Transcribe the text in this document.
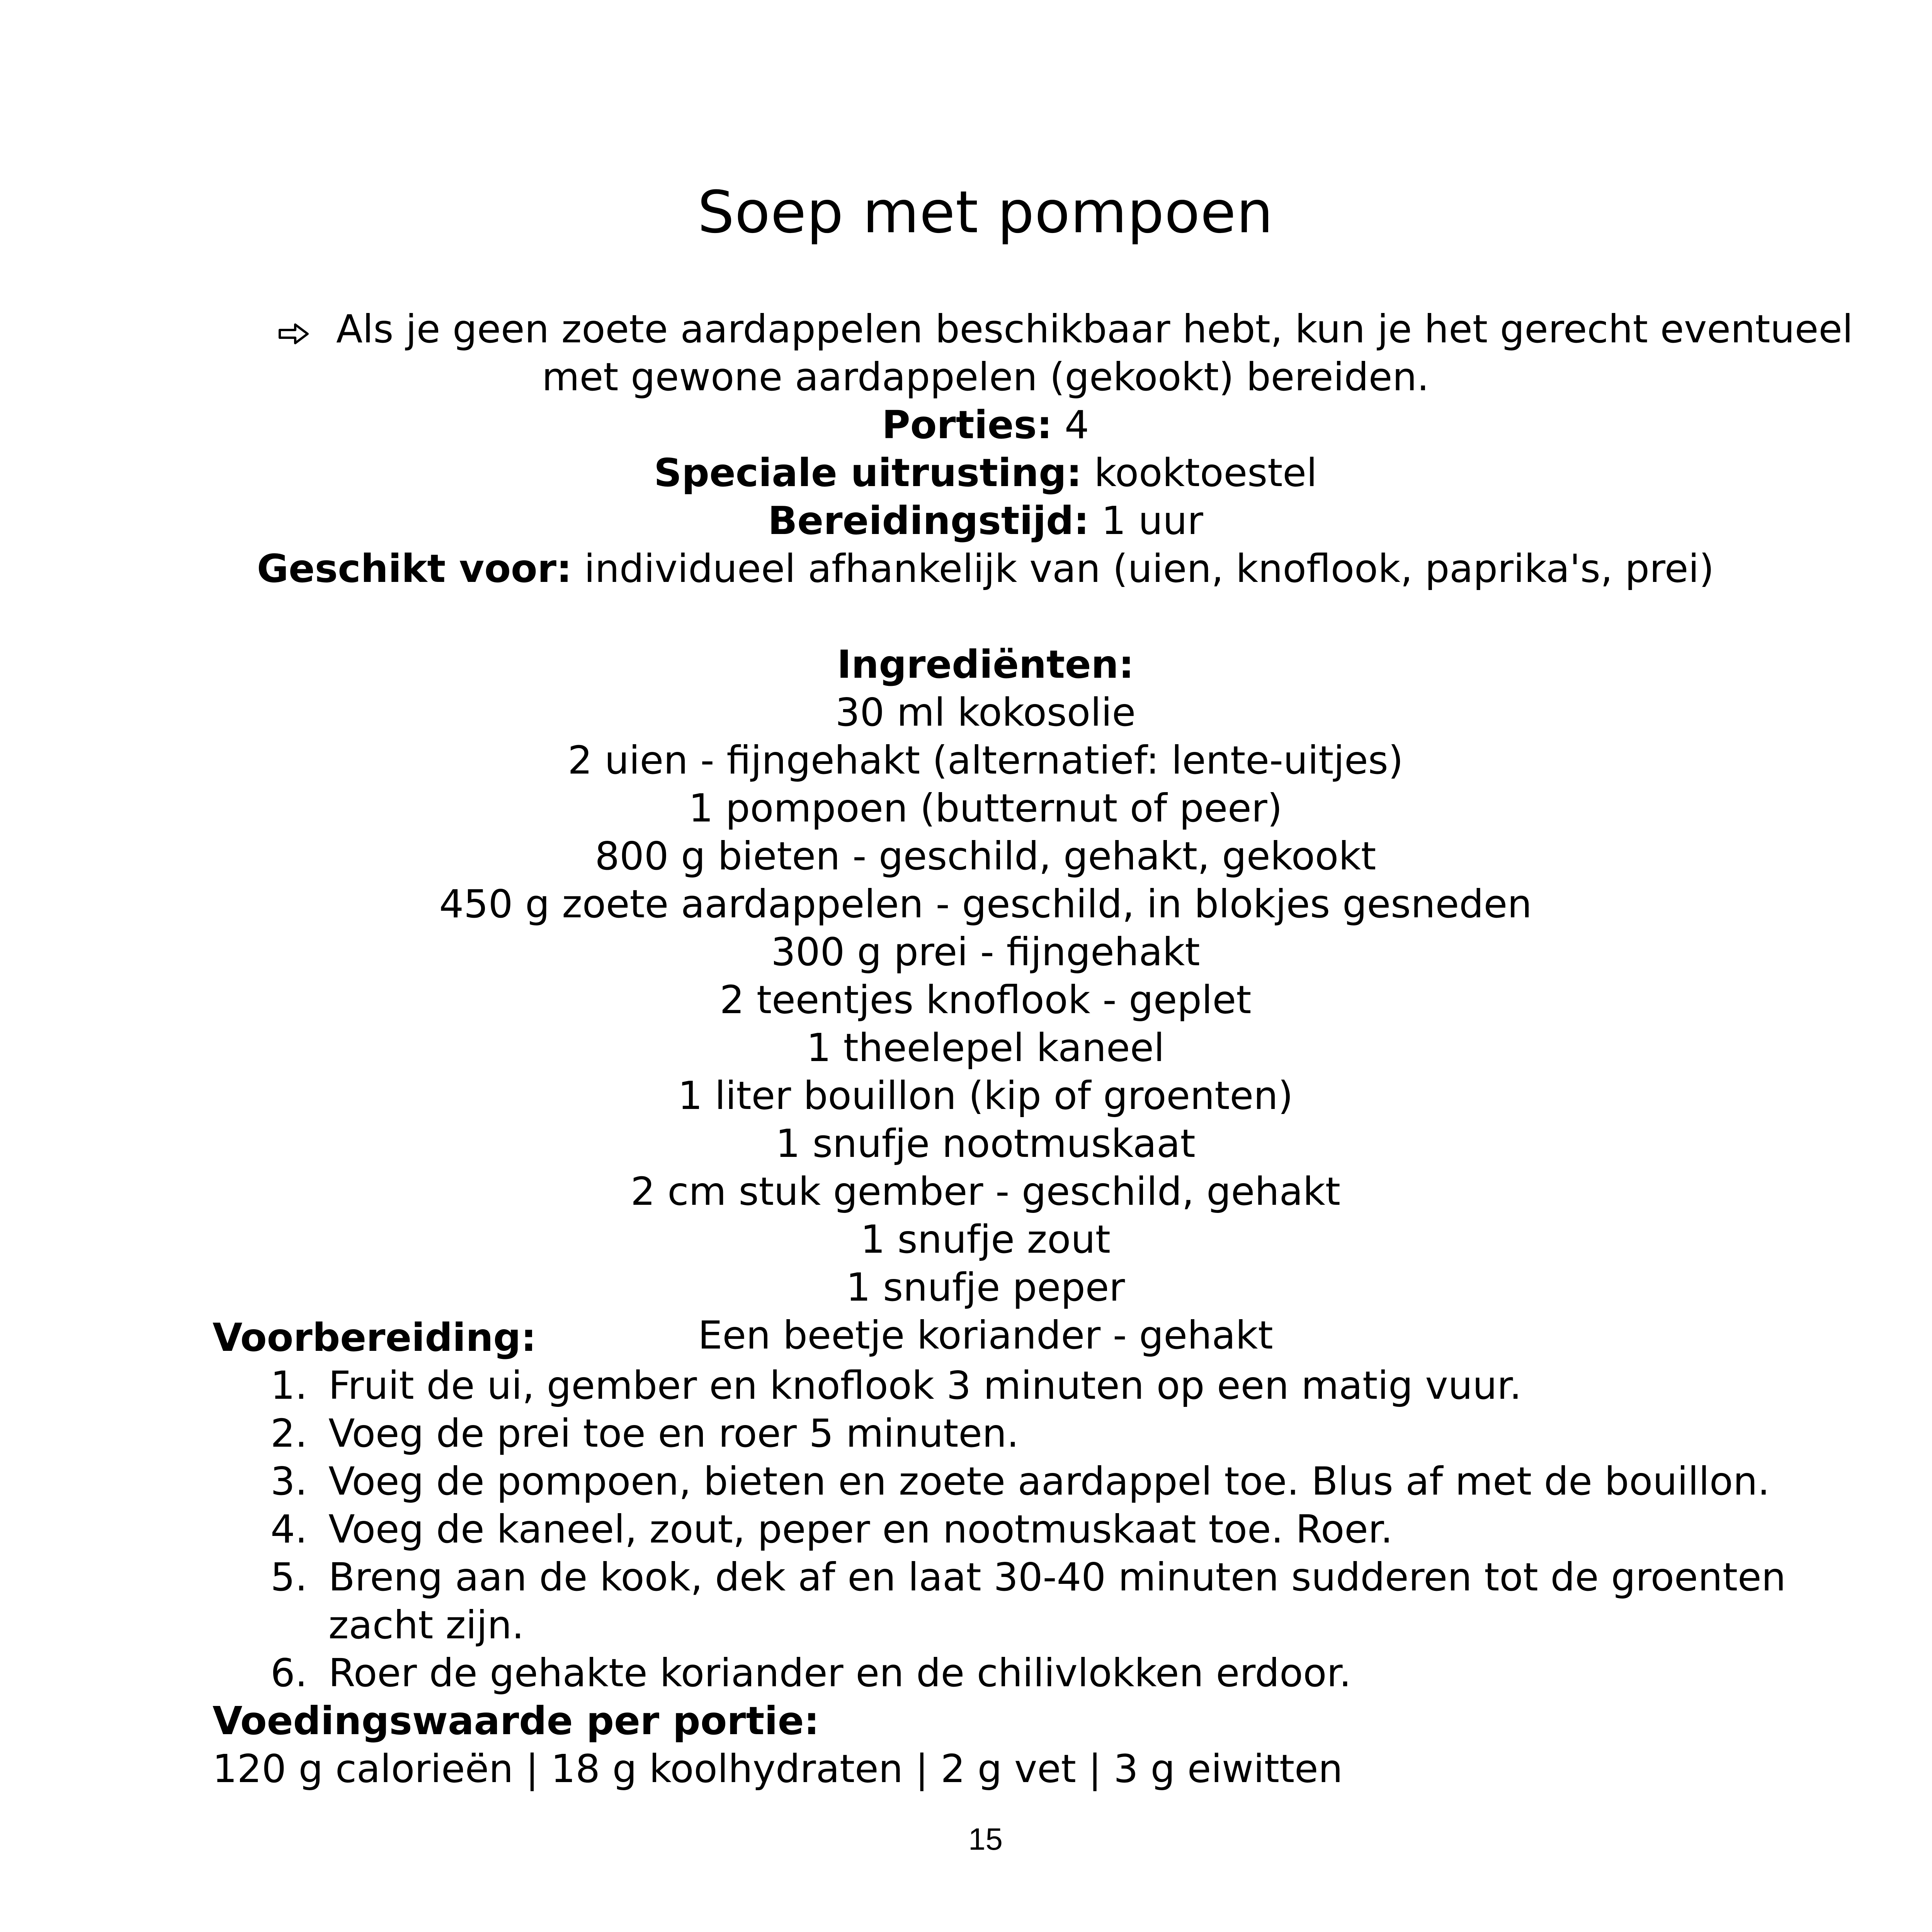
Soep met pompoen
Als je geen zoete aardappelen beschikbaar hebt, kun je het gerecht eventueel
met gewone aardappelen (gekookt) bereiden.
Porties: 4
Speciale uitrusting: kooktoestel
Bereidingstijd: 1 uur
Geschikt voor: individueel afhankelijk van (uien, knoflook, paprika's, prei)
Ingrediënten:
30 ml kokosolie
2 uien - fijngehakt (alternatief: lente-uitjes)
1 pompoen (butternut of peer)
800 g bieten - geschild, gehakt, gekookt
450 g zoete aardappelen - geschild, in blokjes gesneden
300 g prei - fijngehakt
2 teentjes knoflook - geplet
1 theelepel kaneel
1 liter bouillon (kip of groenten)
1 snufje nootmuskaat
2 cm stuk gember - geschild, gehakt
1 snufje zout
1 snufje peper
Een beetje koriander - gehakt
Voorbereiding:
1. Fruit de ui, gember en knoflook 3 minuten op een matig vuur.
2. Voeg de prei toe en roer 5 minuten.
3. Voeg de pompoen, bieten en zoete aardappel toe. Blus af met de bouillon.
4. Voeg de kaneel, zout, peper en nootmuskaat toe. Roer.
5. Breng aan de kook, dek af en laat 30-40 minuten sudderen tot de groenten zacht zijn.
6. Roer de gehakte koriander en de chilivlokken erdoor.
Voedingswaarde per portie:
120 g calorieën | 18 g koolhydraten | 2 g vet | 3 g eiwitten
15
